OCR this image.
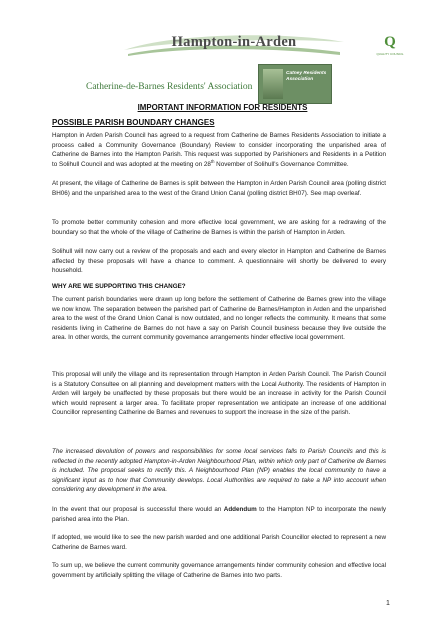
Hampton-in-Arden	Q
QUALITY COUNCIL
Catherine-de-Barnes Residents' Association
Catney Residents Association
IMPORTANT INFORMATION FOR RESIDENTS
POSSIBLE PARISH BOUNDARY CHANGES
Hampton in Arden Parish Council has agreed to a request from Catherine de Barnes Residents Association to initiate a process called a Community Governance (Boundary) Review to consider incorporating the unparished area of Catherine de Barnes into the Hampton Parish. This request was supported by Parishioners and Residents in a Petition to Solihull Council and was adopted at the meeting on 28th November of Solihull's Governance Committee.
At present, the village of Catherine de Barnes is split between the Hampton in Arden Parish Council area (polling district BH06) and the unparished area to the west of the Grand Union Canal (polling district BH07). See map overleaf.
To promote better community cohesion and more effective local government, we are asking for a redrawing of the boundary so that the whole of the village of Catherine de Barnes is within the parish of Hampton in Arden.
Solihull will now carry out a review of the proposals and each and every elector in Hampton and Catherine de Barnes affected by these proposals will have a chance to comment. A questionnaire will shortly be delivered to every household.
WHY ARE WE SUPPORTING THIS CHANGE?
The current parish boundaries were drawn up long before the settlement of Catherine de Barnes grew into the village we now know. The separation between the parished part of Catherine de Barnes/Hampton in Arden and the unparished area to the west of the Grand Union Canal is now outdated, and no longer reflects the community. It means that some residents living in Catherine de Barnes do not have a say on Parish Council business because they live outside the area. In other words, the current community governance arrangements hinder effective local government.
This proposal will unify the village and its representation through Hampton in Arden Parish Council. The Parish Council is a Statutory Consultee on all planning and development matters with the Local Authority. The residents of Hampton in Arden will largely be unaffected by these proposals but there would be an increase in activity for the Parish Council which would represent a larger area. To facilitate proper representation we anticipate an increase of one additional Councillor representing Catherine de Barnes and revenues to support the increase in the size of the parish.
The increased devolution of powers and responsibilities for some local services falls to Parish Councils and this is reflected in the recently adopted Hampton-in-Arden Neighbourhood Plan, within which only part of Catherine de Barnes is included. The proposal seeks to rectify this. A Neighbourhood Plan (NP) enables the local community to have a significant input as to how that Community develops. Local Authorities are required to take a NP into account when considering any development in the area.
In the event that our proposal is successful there would an Addendum to the Hampton NP to incorporate the newly parished area into the Plan.
If adopted, we would like to see the new parish warded and one additional Parish Councillor elected to represent a new Catherine de Barnes ward.
To sum up, we believe the current community governance arrangements hinder community cohesion and effective local government by artificially splitting the village of Catherine de Barnes into two parts.
1
